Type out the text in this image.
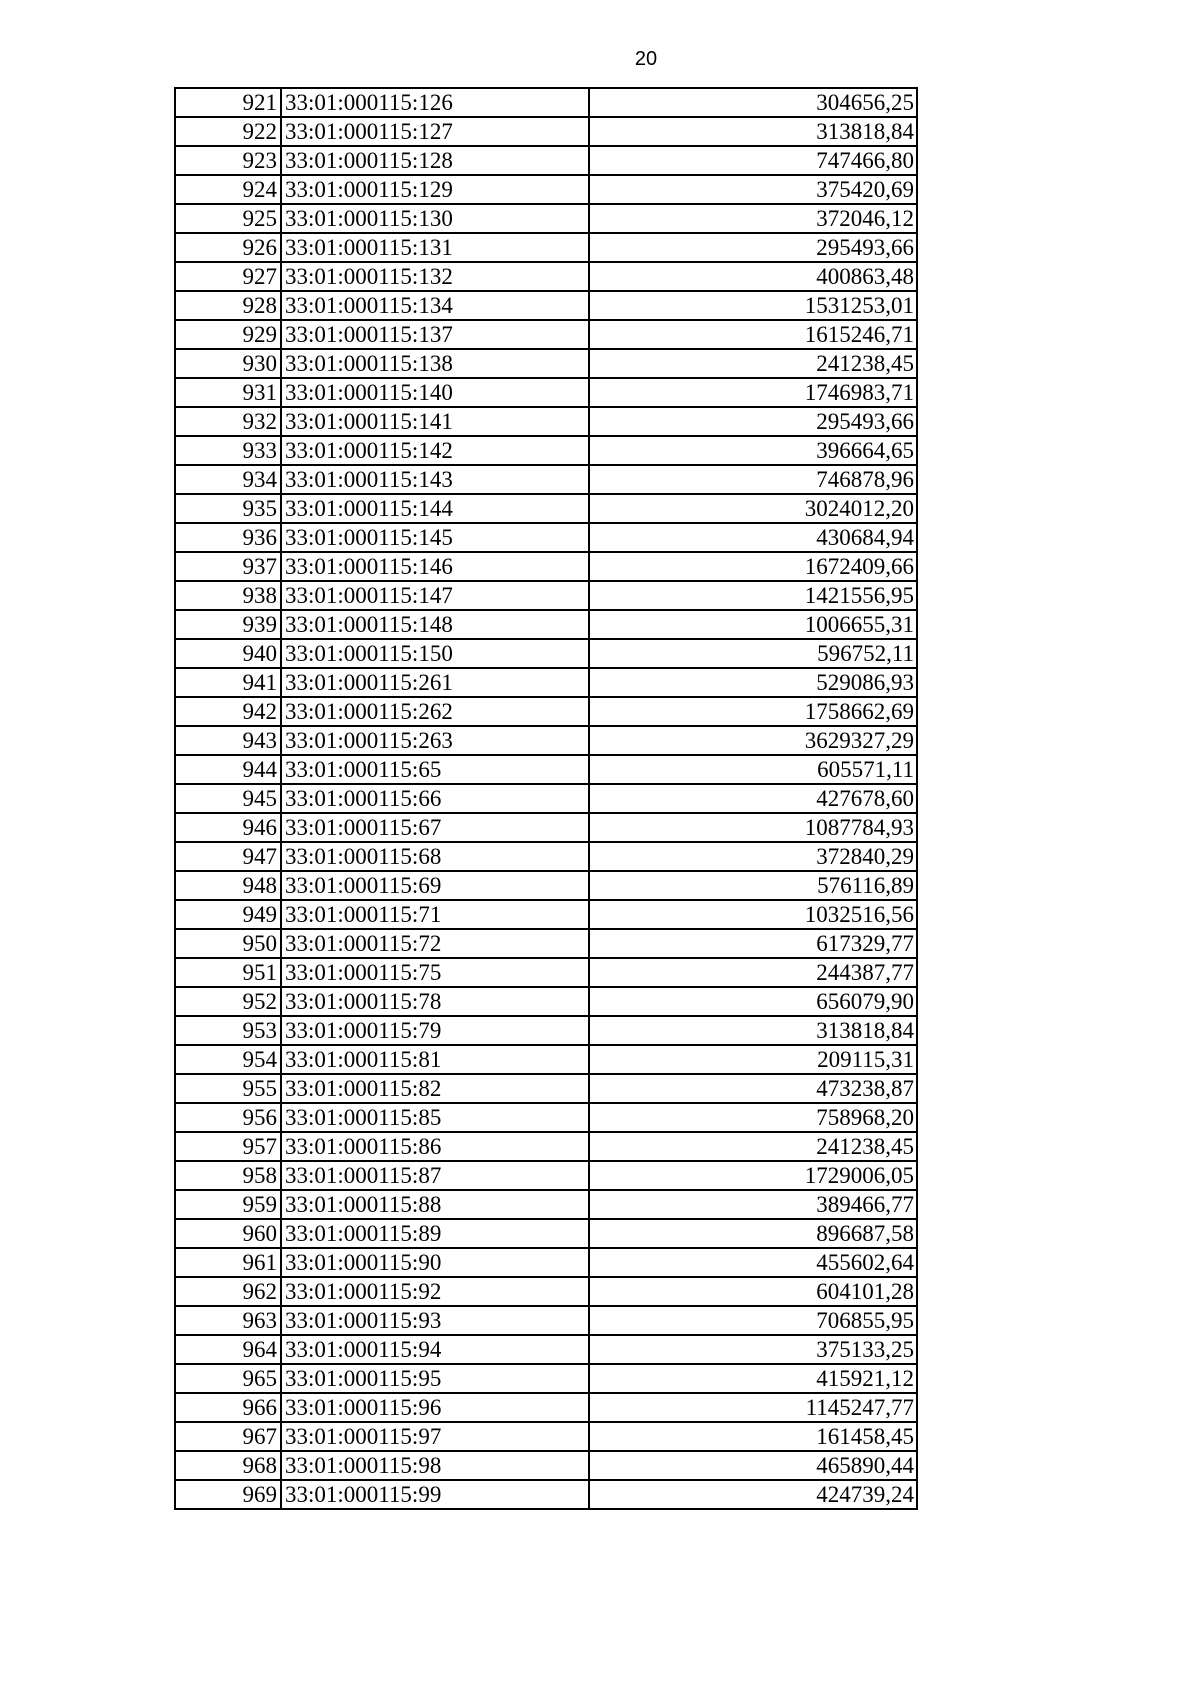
20
921	33:01:000115:126	304656,25
922	33:01:000115:127	313818,84
923	33:01:000115:128	747466,80
924	33:01:000115:129	375420,69
925	33:01:000115:130	372046,12
926	33:01:000115:131	295493,66
927	33:01:000115:132	400863,48
928	33:01:000115:134	1531253,01
929	33:01:000115:137	1615246,71
930	33:01:000115:138	241238,45
931	33:01:000115:140	1746983,71
932	33:01:000115:141	295493,66
933	33:01:000115:142	396664,65
934	33:01:000115:143	746878,96
935	33:01:000115:144	3024012,20
936	33:01:000115:145	430684,94
937	33:01:000115:146	1672409,66
938	33:01:000115:147	1421556,95
939	33:01:000115:148	1006655,31
940	33:01:000115:150	596752,11
941	33:01:000115:261	529086,93
942	33:01:000115:262	1758662,69
943	33:01:000115:263	3629327,29
944	33:01:000115:65	605571,11
945	33:01:000115:66	427678,60
946	33:01:000115:67	1087784,93
947	33:01:000115:68	372840,29
948	33:01:000115:69	576116,89
949	33:01:000115:71	1032516,56
950	33:01:000115:72	617329,77
951	33:01:000115:75	244387,77
952	33:01:000115:78	656079,90
953	33:01:000115:79	313818,84
954	33:01:000115:81	209115,31
955	33:01:000115:82	473238,87
956	33:01:000115:85	758968,20
957	33:01:000115:86	241238,45
958	33:01:000115:87	1729006,05
959	33:01:000115:88	389466,77
960	33:01:000115:89	896687,58
961	33:01:000115:90	455602,64
962	33:01:000115:92	604101,28
963	33:01:000115:93	706855,95
964	33:01:000115:94	375133,25
965	33:01:000115:95	415921,12
966	33:01:000115:96	1145247,77
967	33:01:000115:97	161458,45
968	33:01:000115:98	465890,44
969	33:01:000115:99	424739,24
